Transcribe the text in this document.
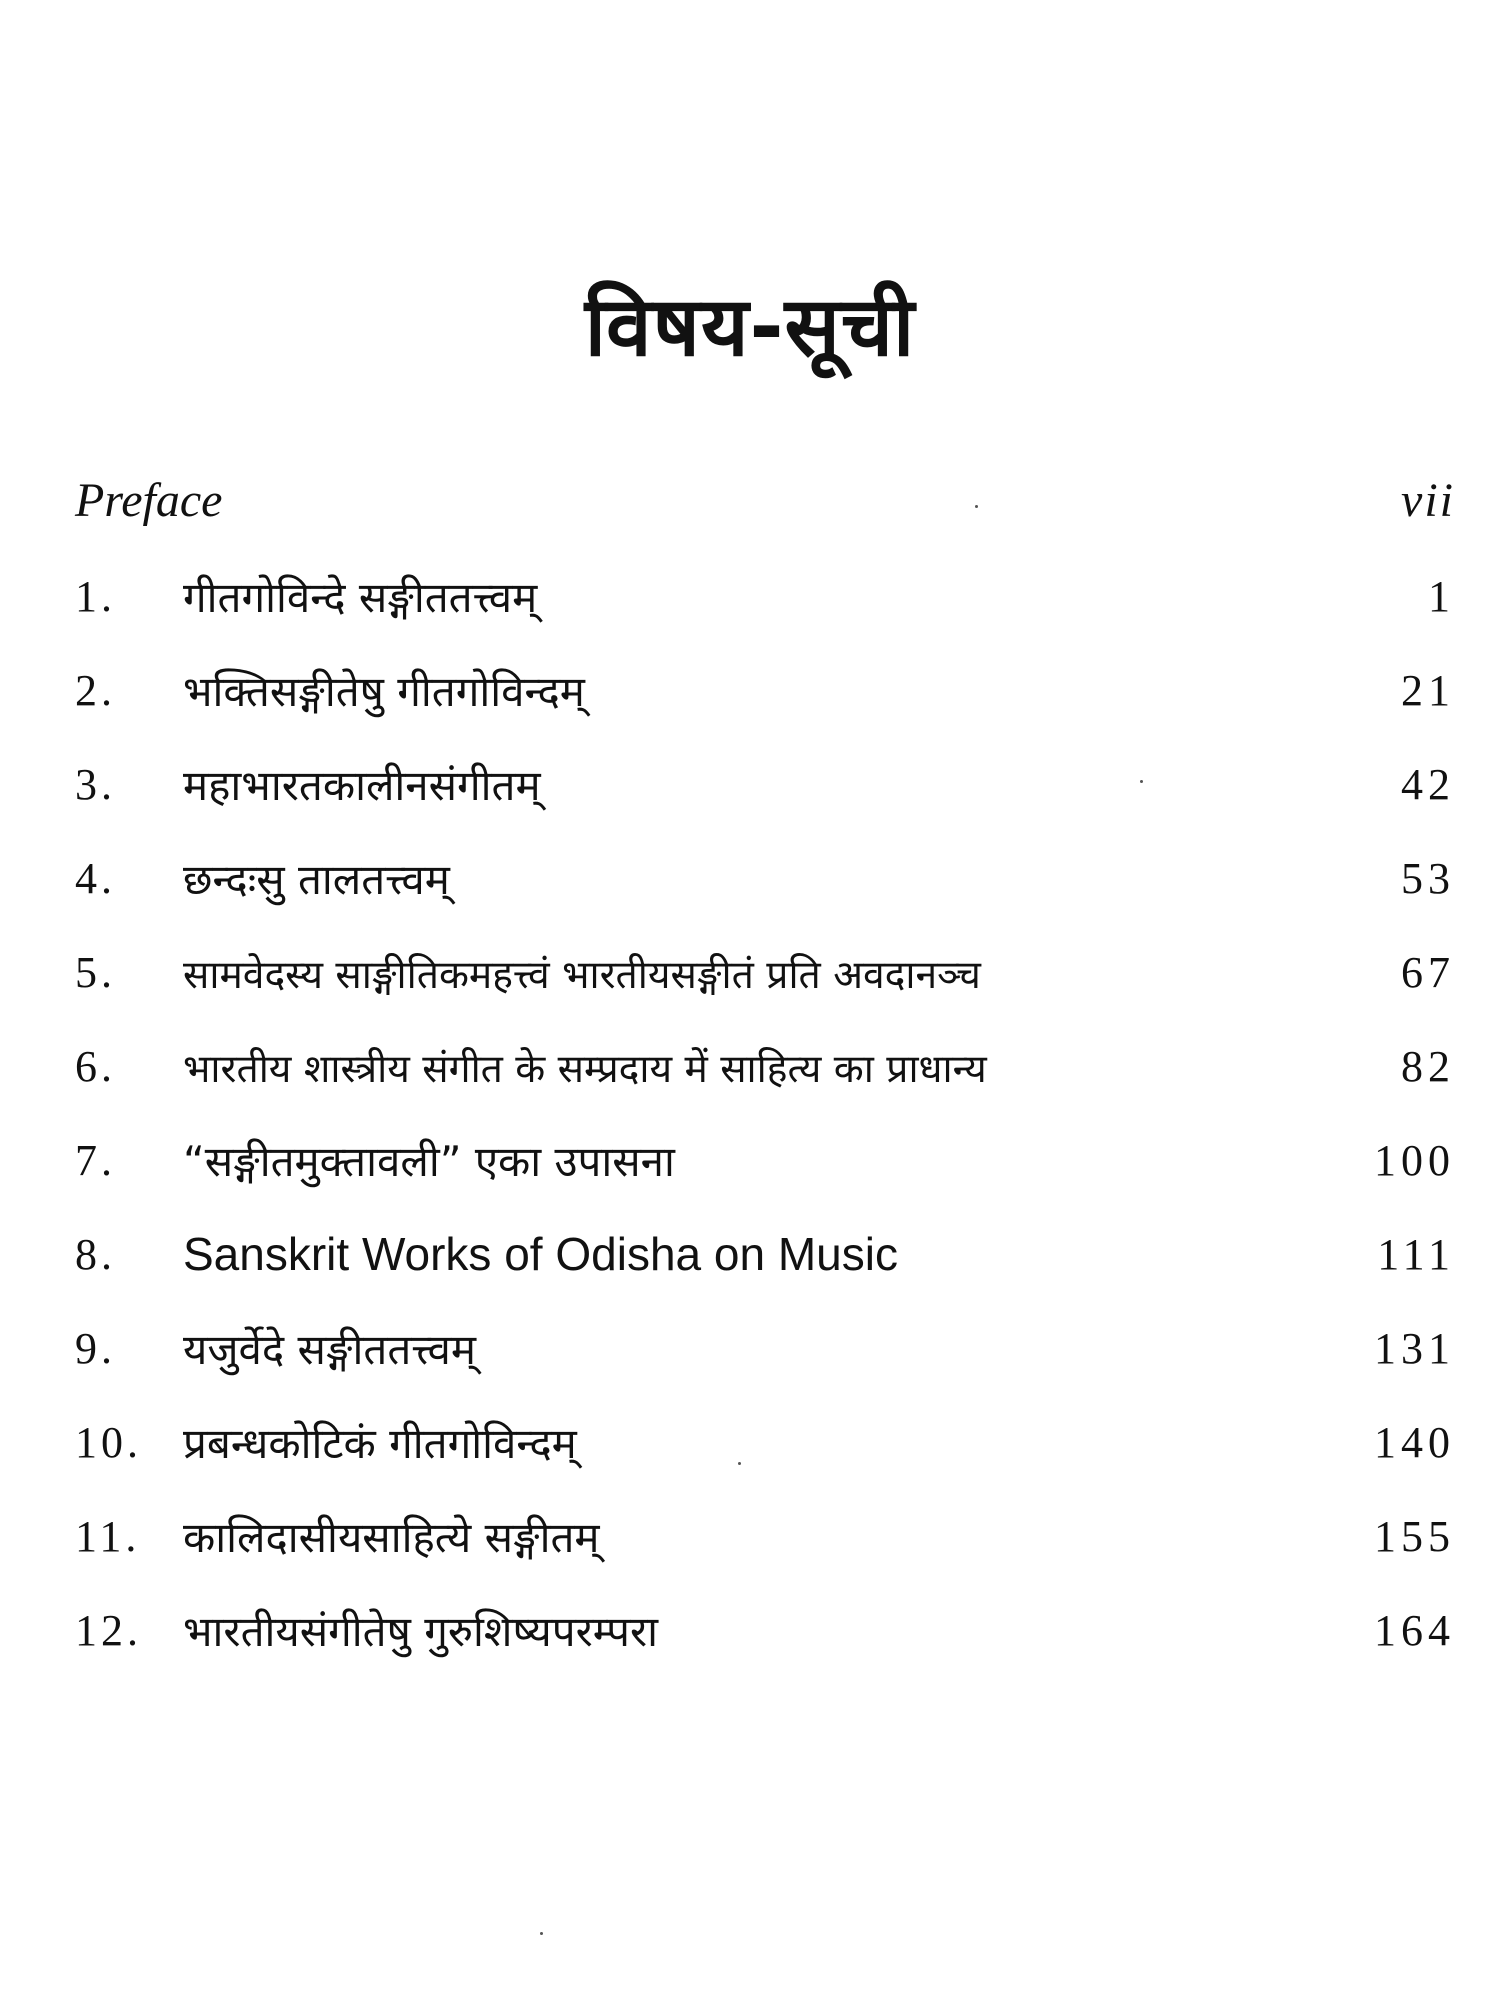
विषय-सूची
Preface	vii
1. गीतगोविन्दे सङ्गीततत्त्वम्	1
2. भक्तिसङ्गीतेषु गीतगोविन्दम्	21
3. महाभारतकालीनसंगीतम्	42
4. छन्दःसु तालतत्त्वम्	53
5. सामवेदस्य साङ्गीतिकमहत्त्वं भारतीयसङ्गीतं प्रति अवदानञ्च	67
6. भारतीय शास्त्रीय संगीत के सम्प्रदाय में साहित्य का प्राधान्य	82
7. “सङ्गीतमुक्तावली” एका उपासना	100
8. Sanskrit Works of Odisha on Music	111
9. यजुर्वेदे सङ्गीततत्त्वम्	131
10. प्रबन्धकोटिकं गीतगोविन्दम्	140
11. कालिदासीयसाहित्ये सङ्गीतम्	155
12. भारतीयसंगीतेषु गुरुशिष्यपरम्परा	164
